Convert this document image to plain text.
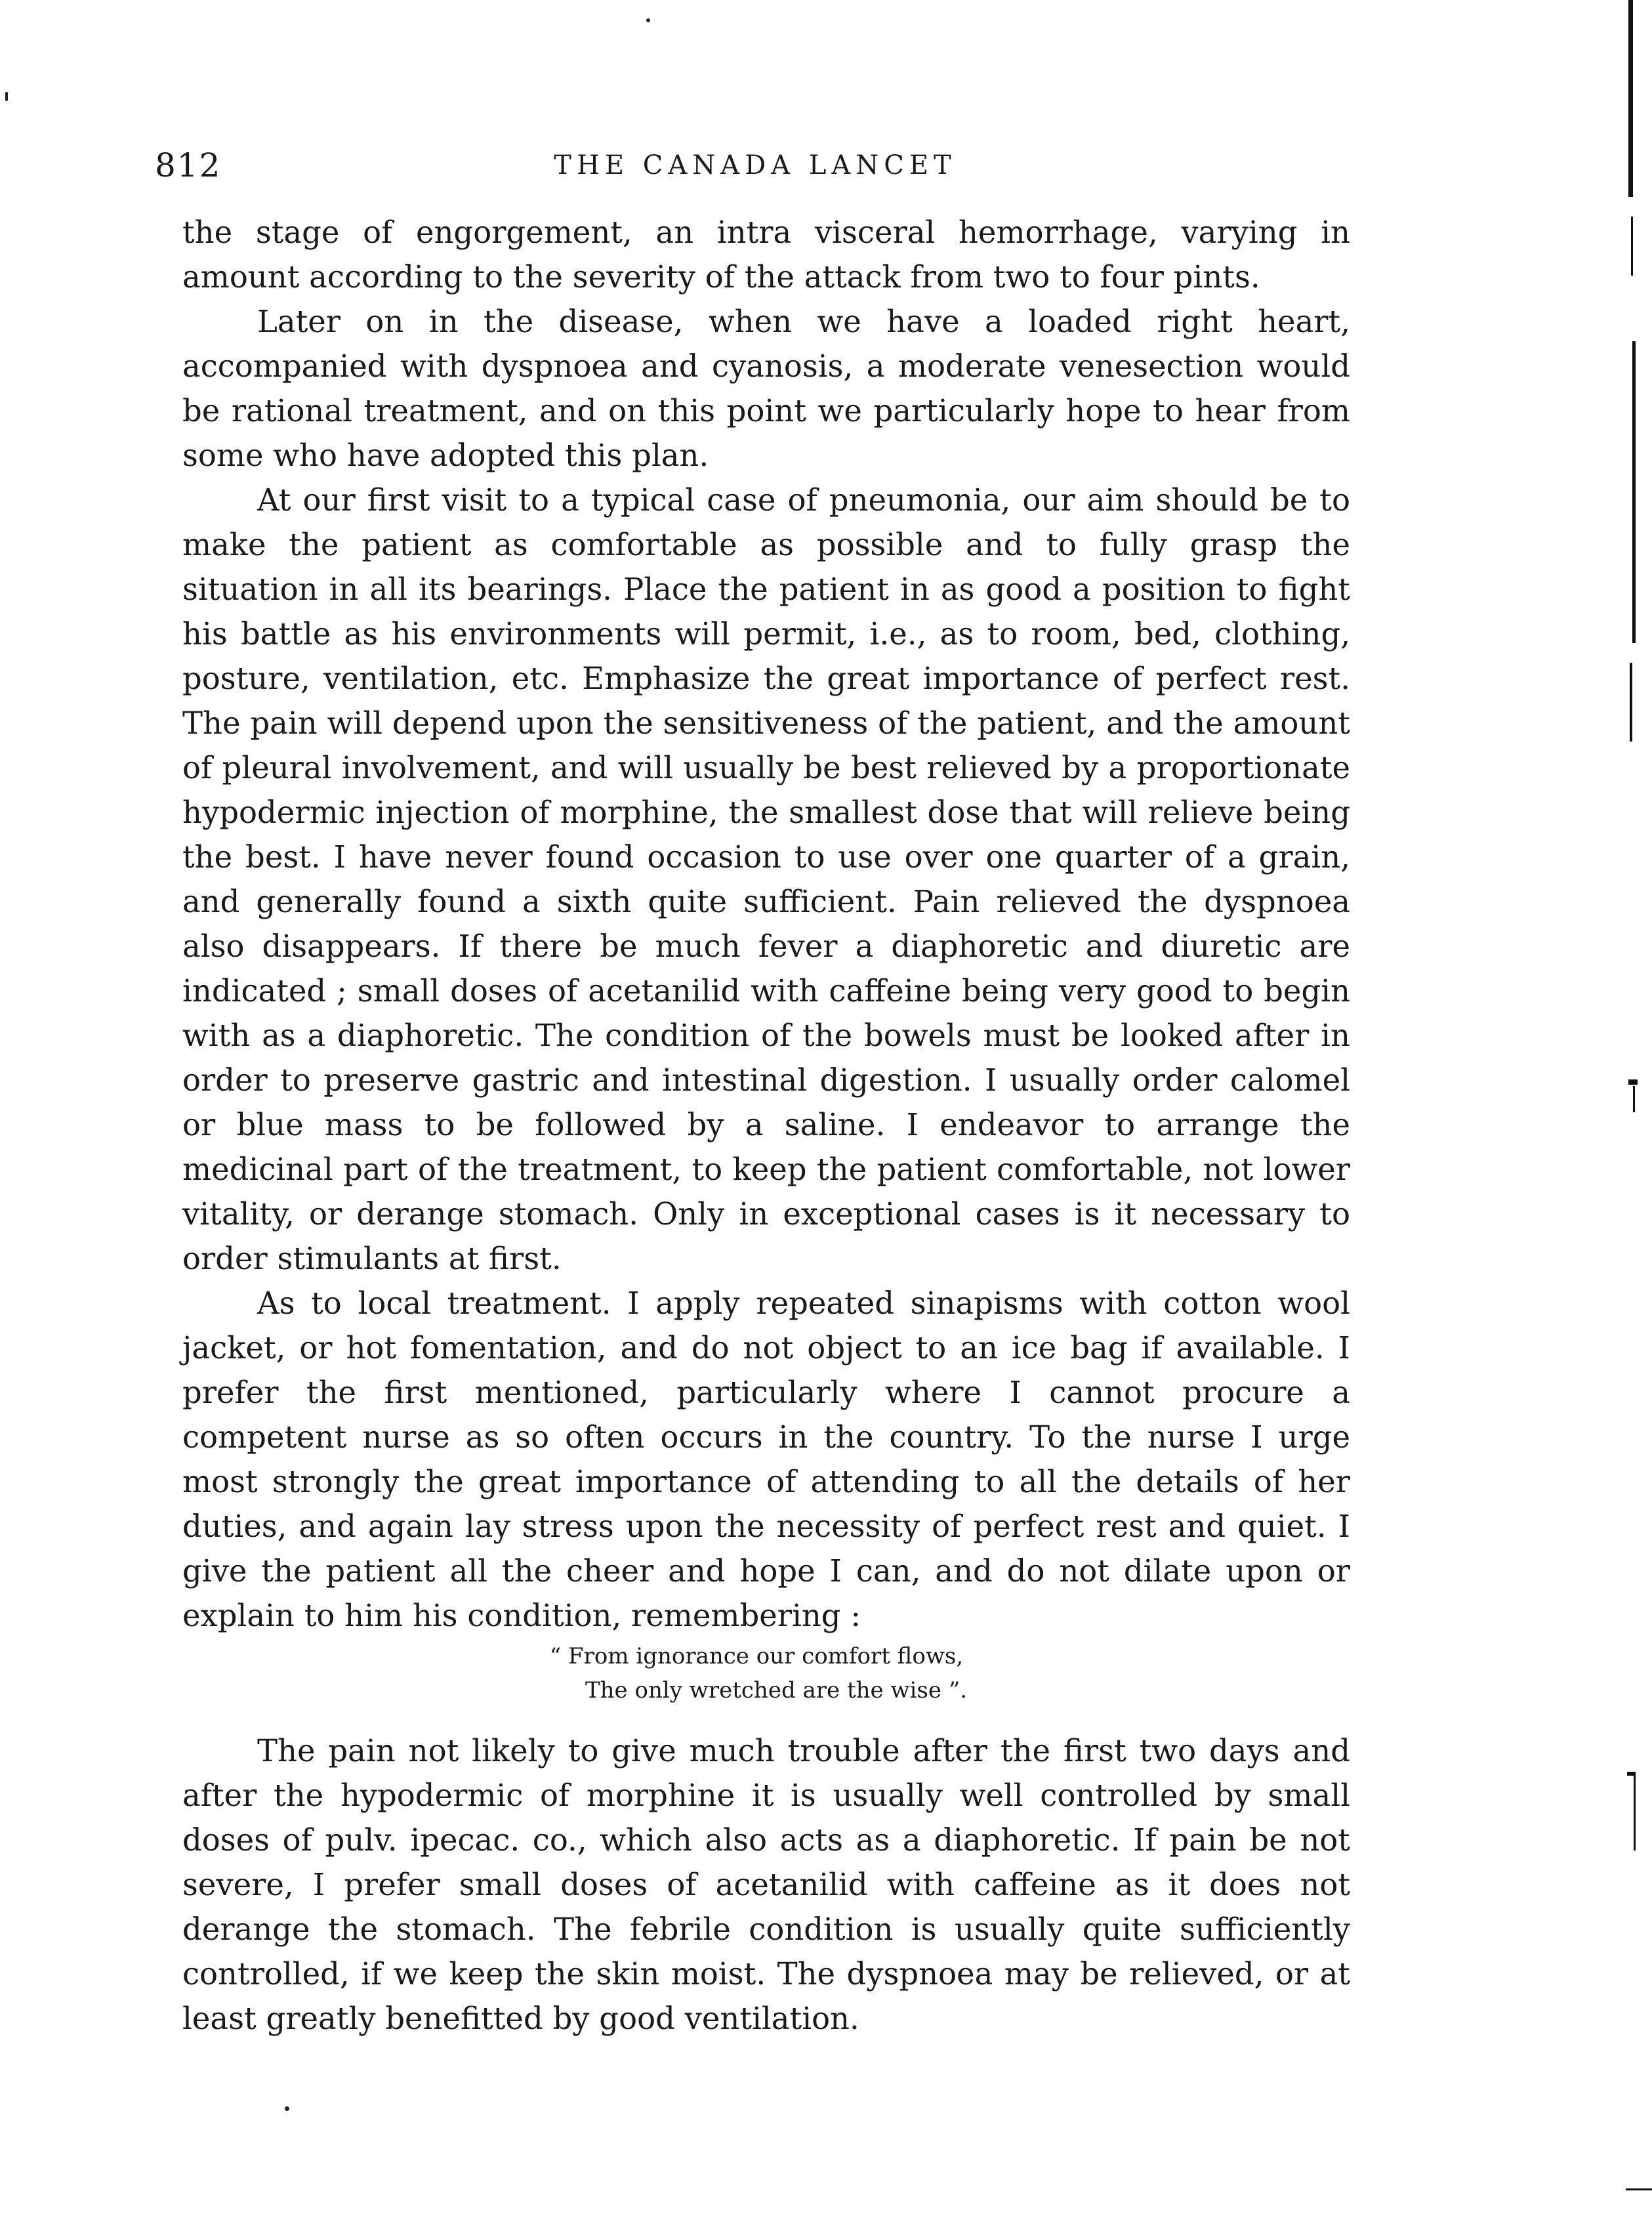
812	THE CANADA LANCET

the stage of engorgement, an intra visceral hemorrhage, varying in amount according to the severity of the attack from two to four pints.

Later on in the disease, when we have a loaded right heart, accompanied with dyspnoea and cyanosis, a moderate venesection would be rational treatment, and on this point we particularly hope to hear from some who have adopted this plan.

At our first visit to a typical case of pneumonia, our aim should be to make the patient as comfortable as possible and to fully grasp the situation in all its bearings. Place the patient in as good a position to fight his battle as his environments will permit, i.e., as to room, bed, clothing, posture, ventilation, etc. Emphasize the great importance of perfect rest. The pain will depend upon the sensitiveness of the patient, and the amount of pleural involvement, and will usually be best relieved by a proportionate hypodermic injection of morphine, the smallest dose that will relieve being the best. I have never found occasion to use over one quarter of a grain, and generally found a sixth quite sufficient. Pain relieved the dyspnoea also disappears. If there be much fever a diaphoretic and diuretic are indicated ; small doses of acetanilid with caffeine being very good to begin with as a diaphoretic. The condition of the bowels must be looked after in order to preserve gastric and intestinal digestion. I usually order calomel or blue mass to be followed by a saline. I endeavor to arrange the medicinal part of the treatment, to keep the patient comfortable, not lower vitality, or derange stomach. Only in exceptional cases is it necessary to order stimulants at first.

As to local treatment. I apply repeated sinapisms with cotton wool jacket, or hot fomentation, and do not object to an ice bag if available. I prefer the first mentioned, particularly where I cannot procure a competent nurse as so often occurs in the country. To the nurse I urge most strongly the great importance of attending to all the details of her duties, and again lay stress upon the necessity of perfect rest and quiet. I give the patient all the cheer and hope I can, and do not dilate upon or explain to him his condition, remembering :

“ From ignorance our comfort flows,
The only wretched are the wise ”.

The pain not likely to give much trouble after the first two days and after the hypodermic of morphine it is usually well controlled by small doses of pulv. ipecac. co., which also acts as a diaphoretic. If pain be not severe, I prefer small doses of acetanilid with caffeine as it does not derange the stomach. The febrile condition is usually quite sufficiently controlled, if we keep the skin moist. The dyspnoea may be relieved, or at least greatly benefitted by good ventilation.
